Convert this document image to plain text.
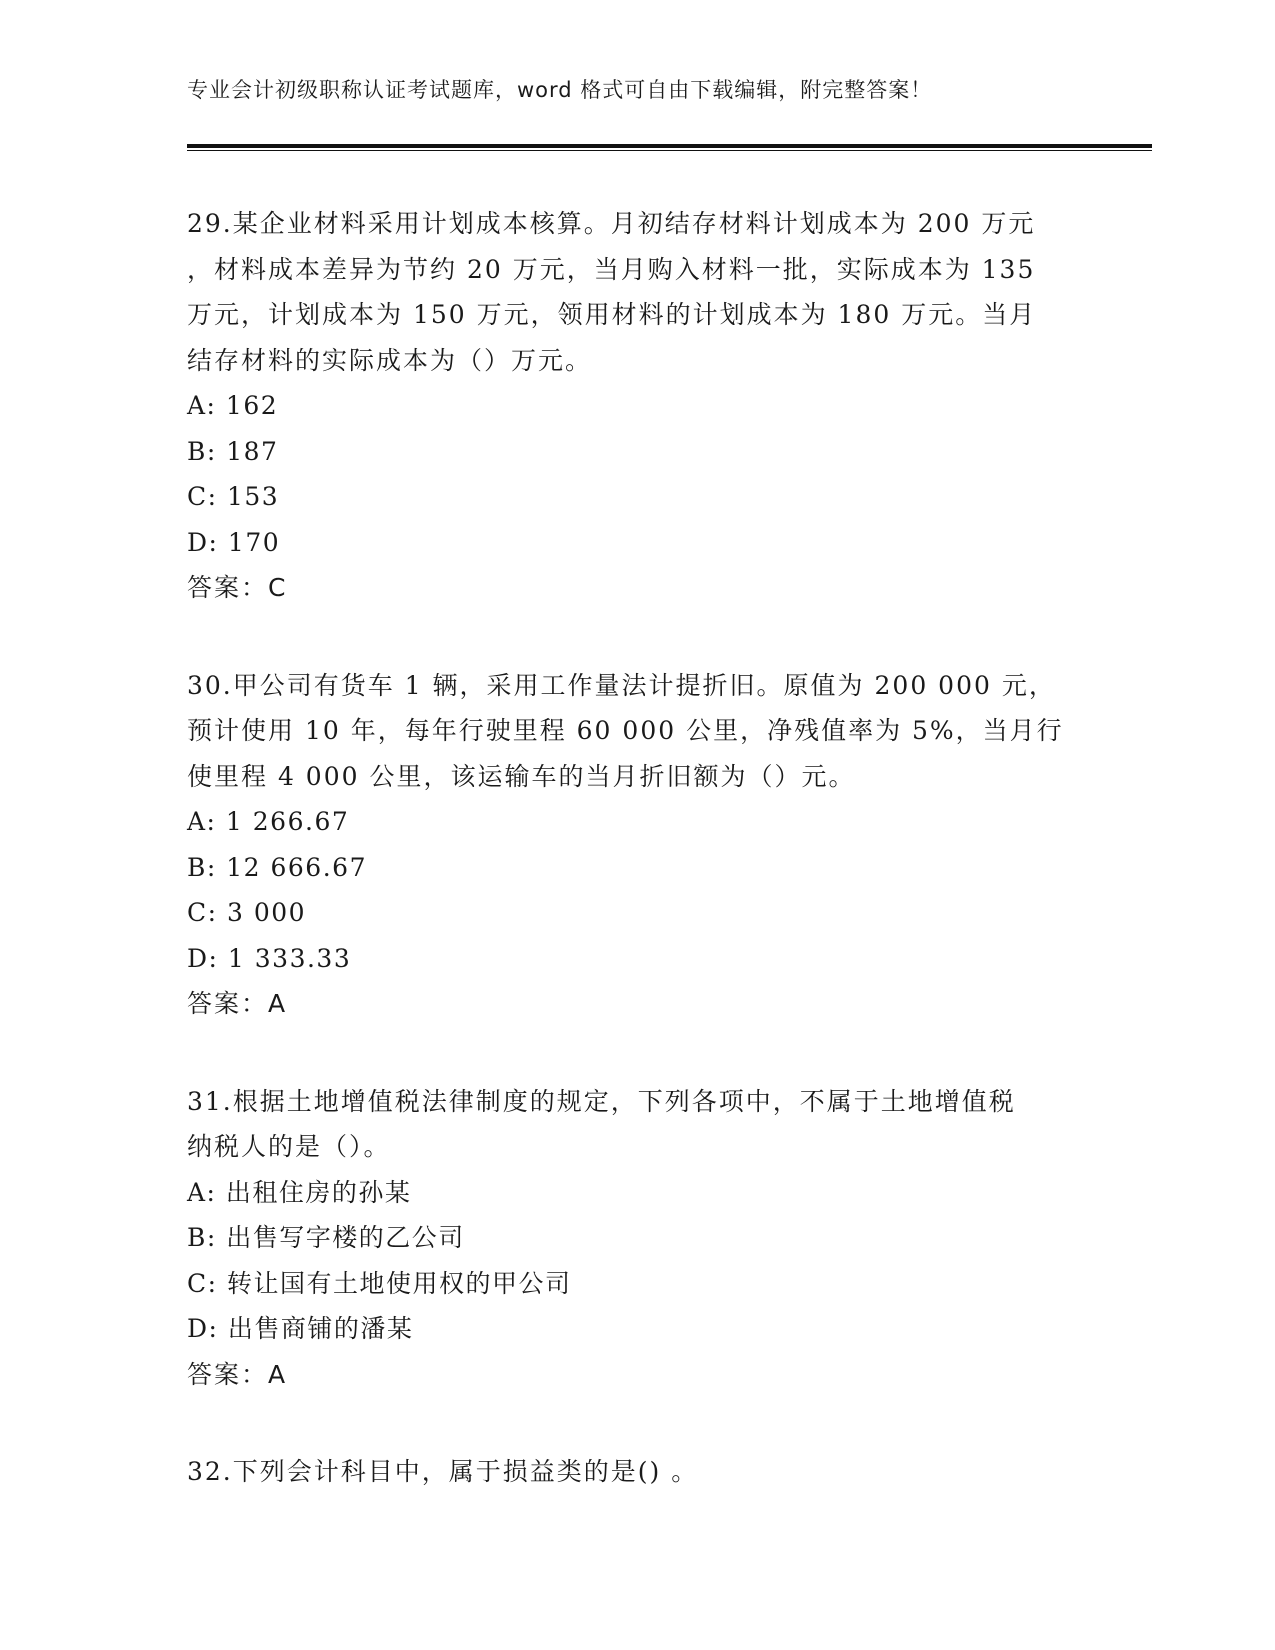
专业会计初级职称认证考试题库，word 格式可自由下载编辑，附完整答案！

29.某企业材料采用计划成本核算。月初结存材料计划成本为 200 万元

，材料成本差异为节约 20 万元，当月购入材料一批，实际成本为 135

万元，计划成本为 150 万元，领用材料的计划成本为 180 万元。当月

结存材料的实际成本为（）万元。

A: 162

B: 187

C: 153

D: 170

答案：C

30.甲公司有货车 1 辆，采用工作量法计提折旧。原值为 200 000 元，

预计使用 10 年，每年行驶里程 60 000 公里，净残值率为 5%，当月行

使里程 4 000 公里，该运输车的当月折旧额为（）元。

A: 1 266.67

B: 12 666.67

C: 3 000

D: 1 333.33

答案：A

31.根据土地增值税法律制度的规定，下列各项中，不属于土地增值税

纳税人的是（）。

A: 出租住房的孙某

B: 出售写字楼的乙公司

C: 转让国有土地使用权的甲公司

D: 出售商铺的潘某

答案：A

32.下列会计科目中，属于损益类的是() 。
